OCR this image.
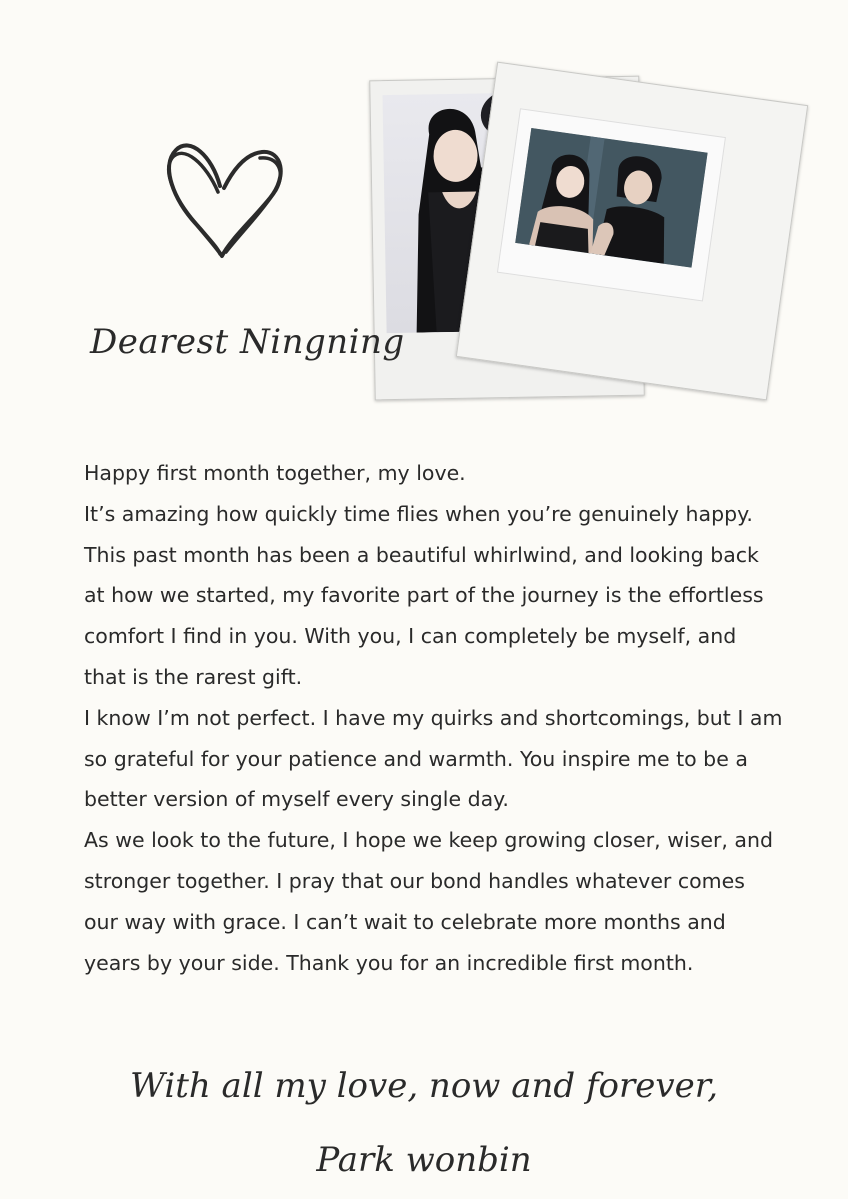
Dearest Ningning

Happy first month together, my love.

It’s amazing how quickly time flies when you’re genuinely happy. This past month has been a beautiful whirlwind, and looking back at how we started, my favorite part of the journey is the effortless comfort I find in you. With you, I can completely be myself, and that is the rarest gift.

I know I’m not perfect. I have my quirks and shortcomings, but I am so grateful for your patience and warmth. You inspire me to be a better version of myself every single day.

As we look to the future, I hope we keep growing closer, wiser, and stronger together. I pray that our bond handles whatever comes our way with grace. I can’t wait to celebrate more months and years by your side. Thank you for an incredible first month.

With all my love, now and forever,

Park wonbin
